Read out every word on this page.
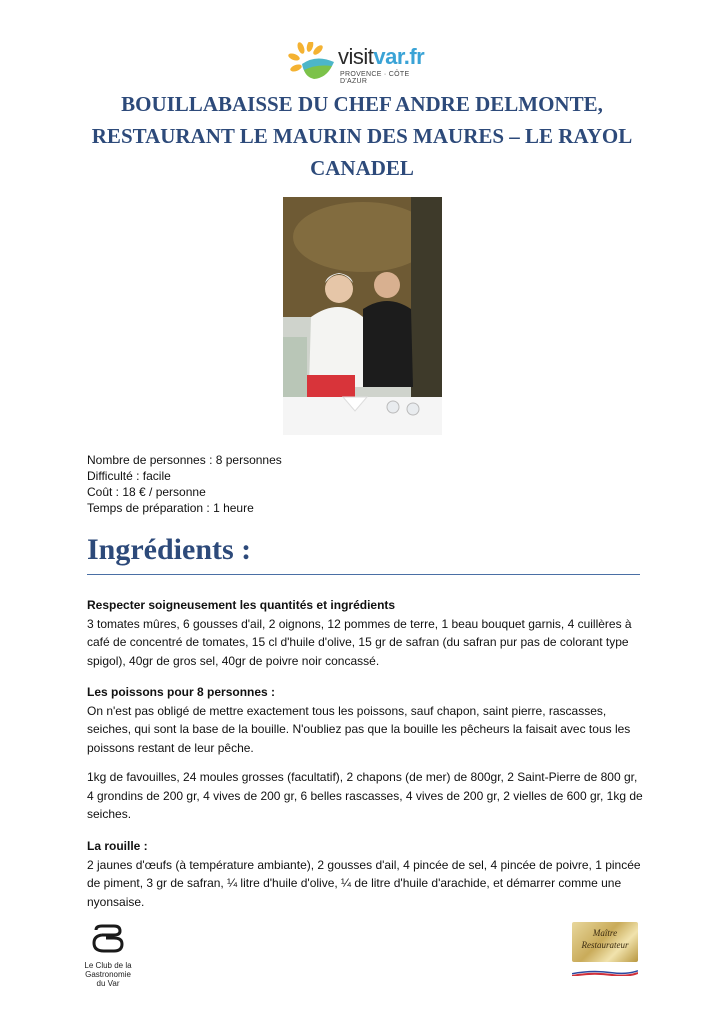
visitvar.fr
PROVENCE · CÔTE D'AZUR
BOUILLABAISSE DU CHEF ANDRE DELMONTE, RESTAURANT LE MAURIN DES MAURES – LE RAYOL CANADEL
Nombre de personnes : 8 personnes
Difficulté : facile
Coût : 18 € / personne
Temps de préparation : 1 heure
Ingrédients :
Respecter soigneusement les quantités et ingrédients
3 tomates mûres, 6 gousses d'ail, 2 oignons, 12 pommes de terre, 1 beau bouquet garnis, 4 cuillères à café de concentré de tomates, 15 cl d'huile d'olive, 15 gr de safran (du safran pur pas de colorant type spigol), 40gr de gros sel, 40gr de poivre noir concassé.
Les poissons pour 8 personnes :
On n'est pas obligé de mettre exactement tous les poissons, sauf chapon, saint pierre, rascasses, seiches, qui sont la base de la bouille. N'oubliez pas que la bouille les pêcheurs la faisait avec tous les poissons restant de leur pêche.
1kg de favouilles, 24 moules grosses (facultatif), 2 chapons (de mer) de 800gr, 2 Saint-Pierre de 800 gr, 4 grondins de 200 gr, 4 vives de 200 gr, 6 belles rascasses, 4 vives de 200 gr, 2 vielles de 600 gr, 1kg de seiches.
La rouille :
2 jaunes d'œufs (à température ambiante), 2 gousses d'ail, 4 pincée de sel, 4 pincée de poivre, 1 pincée de piment, 3 gr de safran, ¼ litre d'huile d'olive, ¼ de litre d'huile d'arachide, et démarrer comme une nyonsaise.
Le Club de la
Gastronomie
du Var
Maître
Restaurateur
